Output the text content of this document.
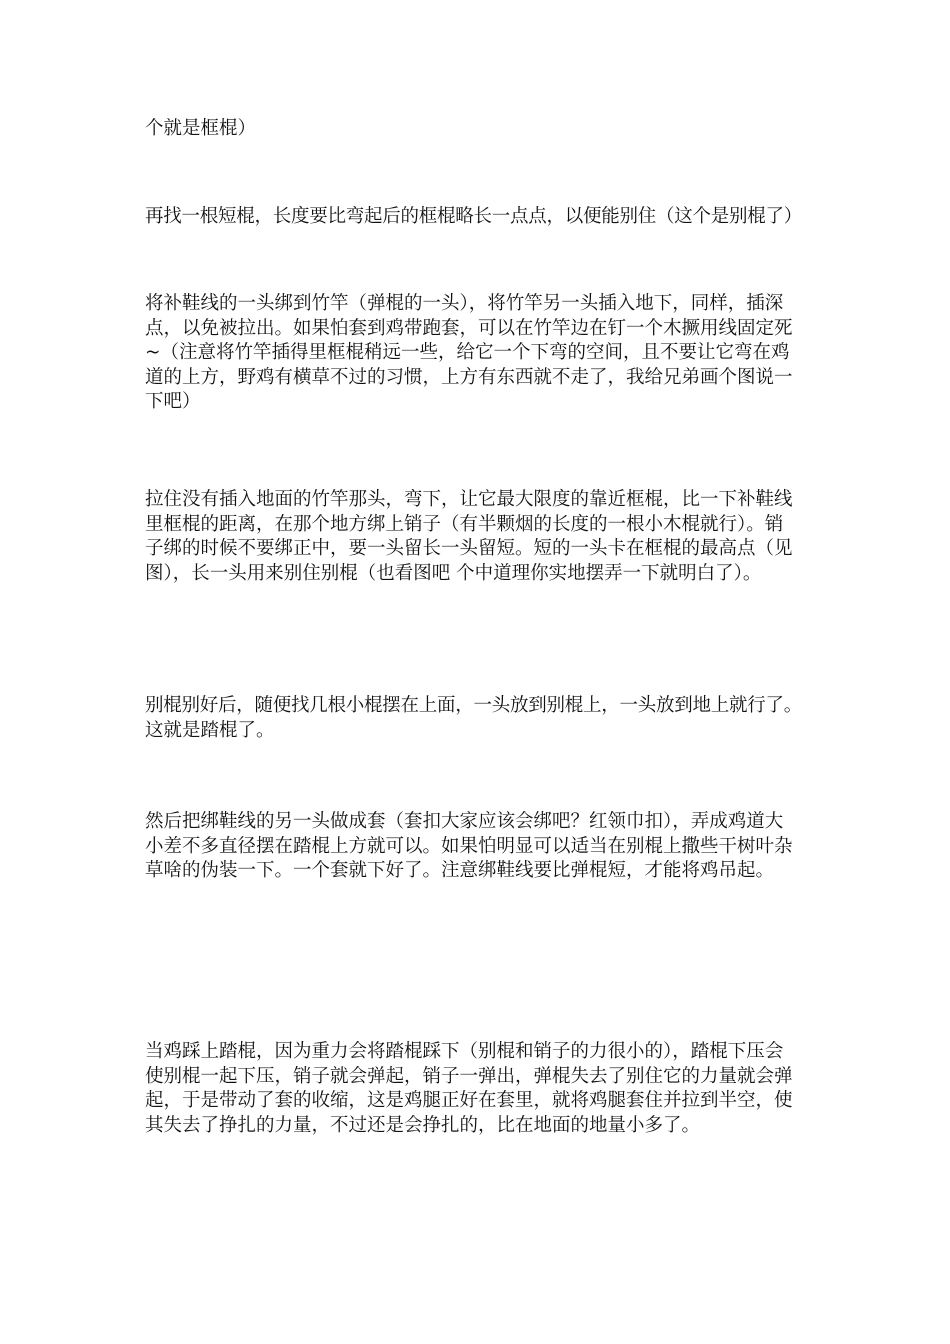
个就是框棍）

再找一根短棍，长度要比弯起后的框棍略长一点点，以便能别住（这个是别棍了）

将补鞋线的一头绑到竹竿（弹棍的一头），将竹竿另一头插入地下，同样，插深
点，以免被拉出。如果怕套到鸡带跑套，可以在竹竿边在钉一个木撅用线固定死
~（注意将竹竿插得里框棍稍远一些，给它一个下弯的空间，且不要让它弯在鸡
道的上方，野鸡有横草不过的习惯，上方有东西就不走了，我给兄弟画个图说一
下吧）

拉住没有插入地面的竹竿那头，弯下，让它最大限度的靠近框棍，比一下补鞋线
里框棍的距离，在那个地方绑上销子（有半颗烟的长度的一根小木棍就行）。销
子绑的时候不要绑正中，要一头留长一头留短。短的一头卡在框棍的最高点（见
图），长一头用来别住别棍（也看图吧 个中道理你实地摆弄一下就明白了）。

别棍别好后，随便找几根小棍摆在上面，一头放到别棍上，一头放到地上就行了。
这就是踏棍了。

然后把绑鞋线的另一头做成套（套扣大家应该会绑吧？红领巾扣），弄成鸡道大
小差不多直径摆在踏棍上方就可以。如果怕明显可以适当在别棍上撒些干树叶杂
草啥的伪装一下。一个套就下好了。注意绑鞋线要比弹棍短，才能将鸡吊起。

当鸡踩上踏棍，因为重力会将踏棍踩下（别棍和销子的力很小的），踏棍下压会
使别棍一起下压，销子就会弹起，销子一弹出，弹棍失去了别住它的力量就会弹
起，于是带动了套的收缩，这是鸡腿正好在套里，就将鸡腿套住并拉到半空，使
其失去了挣扎的力量，不过还是会挣扎的，比在地面的地量小多了。
